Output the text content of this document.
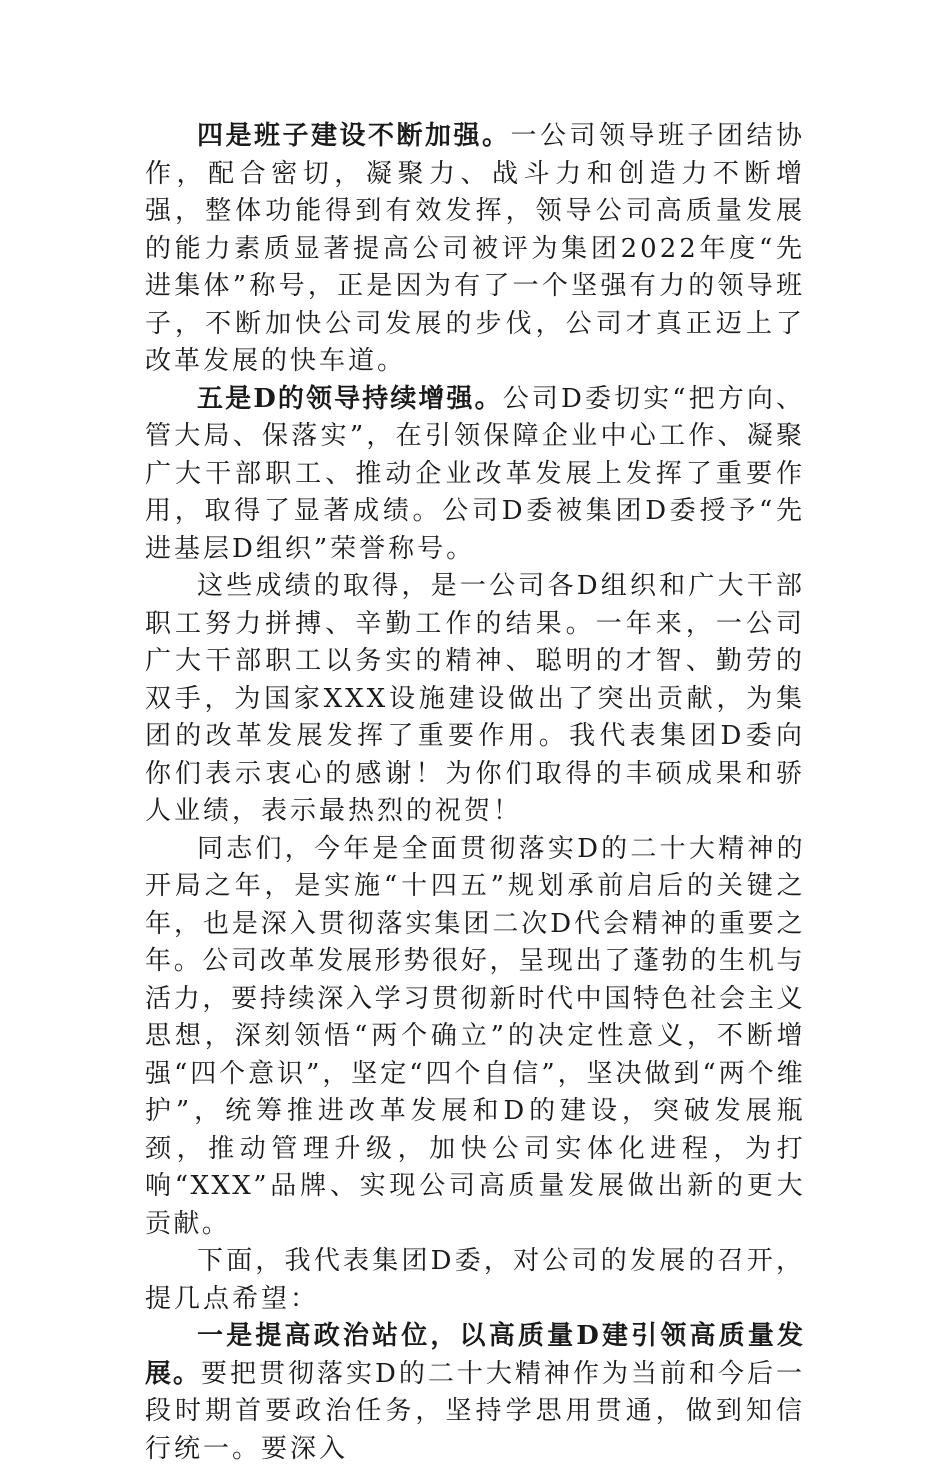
四是班子建设不断加强。一公司领导班子团结协作，配合密切，凝聚力、战斗力和创造力不断增强，整体功能得到有效发挥，领导公司高质量发展的能力素质显著提高公司被评为集团2022年度“先进集体”称号，正是因为有了一个坚强有力的领导班子，不断加快公司发展的步伐，公司才真正迈上了改革发展的快车道。

五是D的领导持续增强。公司D委切实“把方向、管大局、保落实”，在引领保障企业中心工作、凝聚广大干部职工、推动企业改革发展上发挥了重要作用，取得了显著成绩。公司D委被集团D委授予“先进基层D组织”荣誉称号。

这些成绩的取得，是一公司各D组织和广大干部职工努力拼搏、辛勤工作的结果。一年来，一公司广大干部职工以务实的精神、聪明的才智、勤劳的双手，为国家XXX设施建设做出了突出贡献，为集团的改革发展发挥了重要作用。我代表集团D委向你们表示衷心的感谢！为你们取得的丰硕成果和骄人业绩，表示最热烈的祝贺！

同志们，今年是全面贯彻落实D的二十大精神的开局之年，是实施“十四五”规划承前启后的关键之年，也是深入贯彻落实集团二次D代会精神的重要之年。公司改革发展形势很好，呈现出了蓬勃的生机与活力，要持续深入学习贯彻新时代中国特色社会主义思想，深刻领悟“两个确立”的决定性意义，不断增强“四个意识”，坚定“四个自信”，坚决做到“两个维护”，统筹推进改革发展和D的建设，突破发展瓶颈，推动管理升级，加快公司实体化进程，为打响“XXX”品牌、实现公司高质量发展做出新的更大贡献。

下面，我代表集团D委，对公司的发展的召开，提几点希望：

一是提高政治站位，以高质量D建引领高质量发展。要把贯彻落实D的二十大精神作为当前和今后一段时期首要政治任务，坚持学思用贯通，做到知信行统一。要深入
